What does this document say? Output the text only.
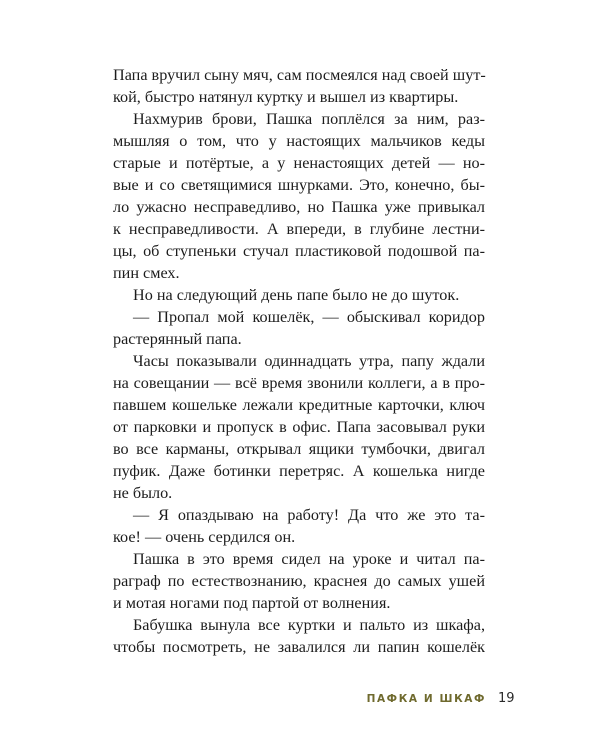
Папа вручил сыну мяч, сам посмеялся над своей шут-
кой, быстро натянул куртку и вышел из квартиры.
Нахмурив брови, Пашка поплёлся за ним, раз-
мышляя о том, что у настоящих мальчиков кеды
старые и потёртые, а у ненастоящих детей — но-
вые и со светящимися шнурками. Это, конечно, бы-
ло ужасно несправедливо, но Пашка уже привыкал
к несправедливости. А впереди, в глубине лестни-
цы, об ступеньки стучал пластиковой подошвой па-
пин смех.
Но на следующий день папе было не до шуток.
— Пропал мой кошелёк, — обыскивал коридор
растерянный папа.
Часы показывали одиннадцать утра, папу ждали
на совещании — всё время звонили коллеги, а в про-
павшем кошельке лежали кредитные карточки, ключ
от парковки и пропуск в офис. Папа засовывал руки
во все карманы, открывал ящики тумбочки, двигал
пуфик. Даже ботинки перетряс. А кошелька нигде
не было.
— Я опаздываю на работу! Да что же это та-
кое! — очень сердился он.
Пашка в это время сидел на уроке и читал па-
раграф по естествознанию, краснея до самых ушей
и мотая ногами под партой от волнения.
Бабушка вынула все куртки и пальто из шкафа,
чтобы посмотреть, не завалился ли папин кошелёк
ПАФКА И ШКАФ 19
